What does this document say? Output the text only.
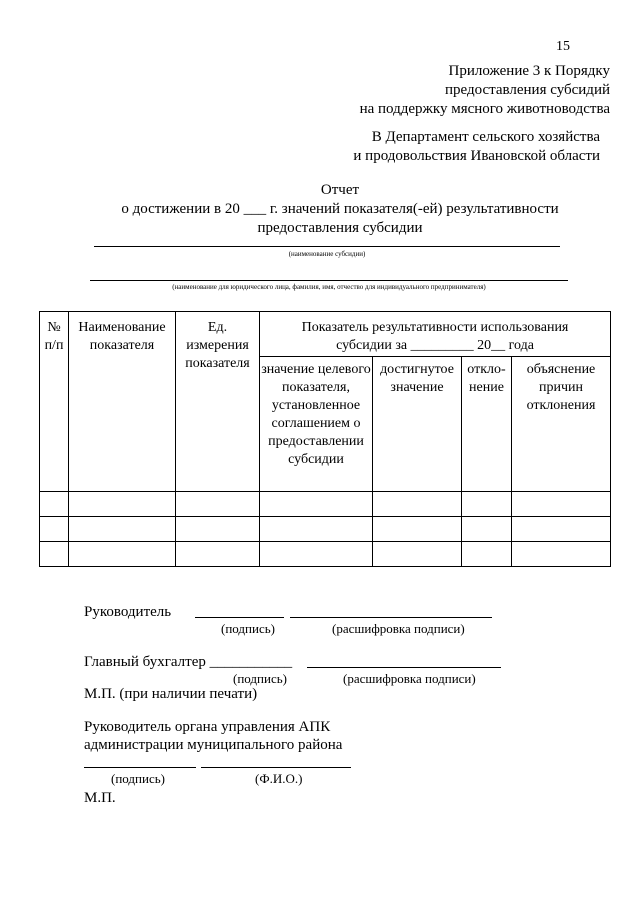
15
Приложение 3 к Порядку
предоставления субсидий
на поддержку мясного животноводства
В Департамент сельского хозяйства
и продовольствия Ивановской области
Отчет
о достижении в 20 ___ г. значений показателя(-ей) результативности
предоставления субсидии
(наименование субсидии)
(наименование для юридического лица, фамилия, имя, отчество для индивидуального предпринимателя)
№ п/п	Наименование показателя	Ед. измерения показателя	Показатель результативности использования субсидии за _________ 20__ года			
			значение целевого показателя, установленное соглашением о предоставлении субсидии	достигнутое значение	откло-нение	объяснение причин отклонения

Руководитель
(подпись)	(расшифровка подписи)
Главный бухгалтер ___________
(подпись)	(расшифровка подписи)
М.П. (при наличии печати)
Руководитель органа управления АПК
администрации муниципального района
(подпись)	(Ф.И.О.)
М.П.
